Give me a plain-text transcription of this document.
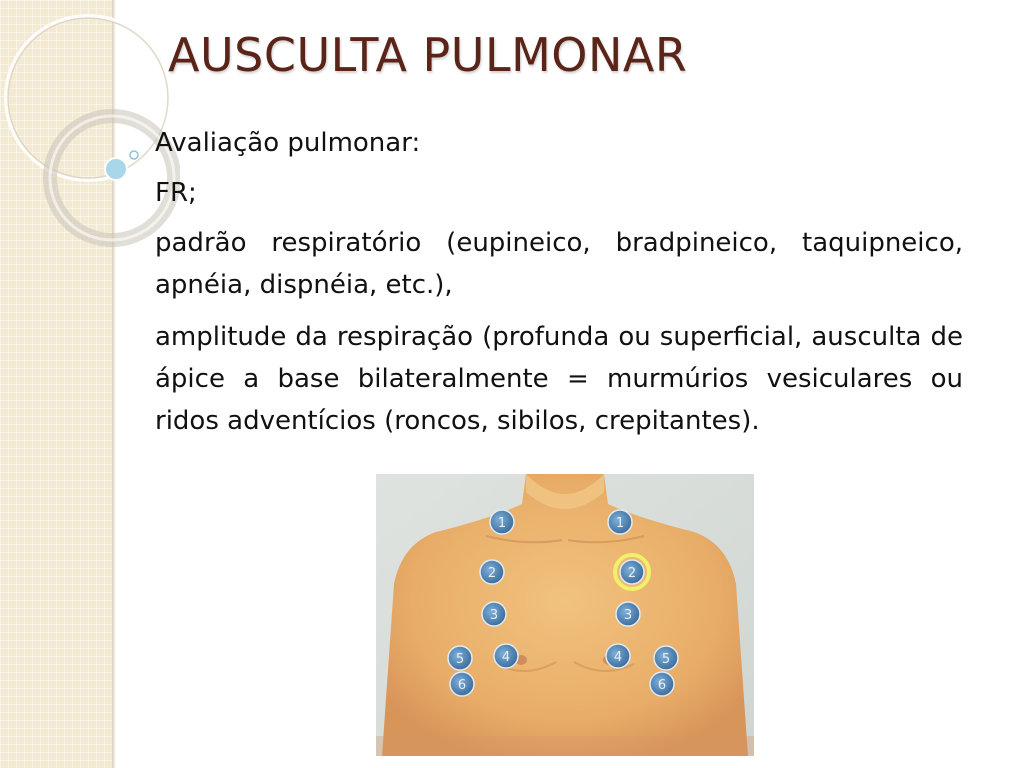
AUSCULTA PULMONAR

Avaliação pulmonar:

FR;

padrão respiratório (eupineico, bradpineico, taquipneico, apnéia, dispnéia, etc.),

amplitude da respiração (profunda ou superficial, ausculta de ápice a base bilateralmente = murmúrios vesiculares ou ridos adventícios (roncos, sibilos, crepitantes).

1	1
2	2
3	3
4	4
5	5
6	6
